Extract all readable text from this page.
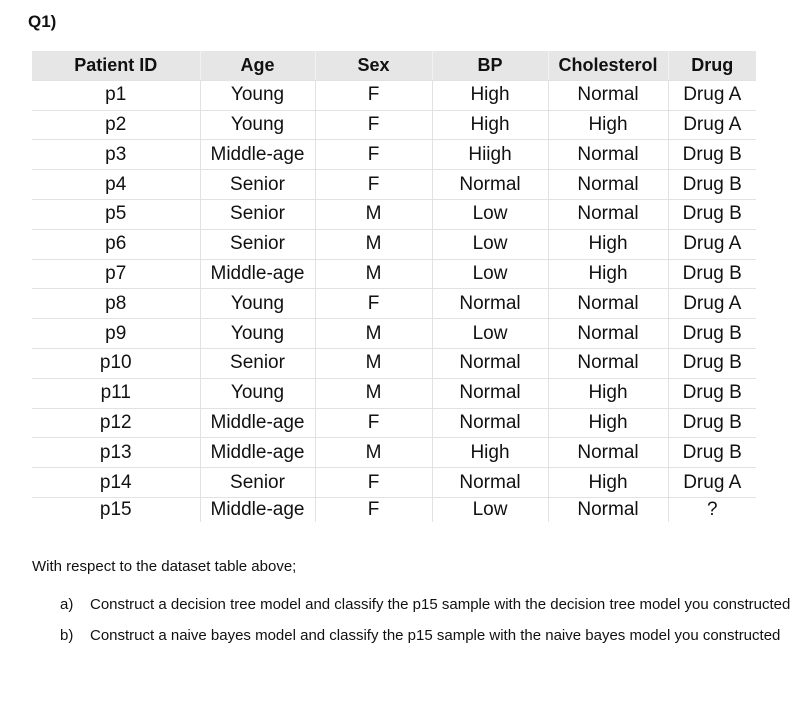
Q1)
Patient ID	Age	Sex	BP	Cholesterol	Drug
p1	Young	F	High	Normal	Drug A
p2	Young	F	High	High	Drug A
p3	Middle-age	F	Hiigh	Normal	Drug B
p4	Senior	F	Normal	Normal	Drug B
p5	Senior	M	Low	Normal	Drug B
p6	Senior	M	Low	High	Drug A
p7	Middle-age	M	Low	High	Drug B
p8	Young	F	Normal	Normal	Drug A
p9	Young	M	Low	Normal	Drug B
p10	Senior	M	Normal	Normal	Drug B
p11	Young	M	Normal	High	Drug B
p12	Middle-age	F	Normal	High	Drug B
p13	Middle-age	M	High	Normal	Drug B
p14	Senior	F	Normal	High	Drug A
p15	Middle-age	F	Low	Normal	?

With respect to the dataset table above;

a)	Construct a decision tree model and classify the p15 sample with the decision tree model you constructed
b)	Construct a naive bayes model and classify the p15 sample with the naive bayes model you constructed
